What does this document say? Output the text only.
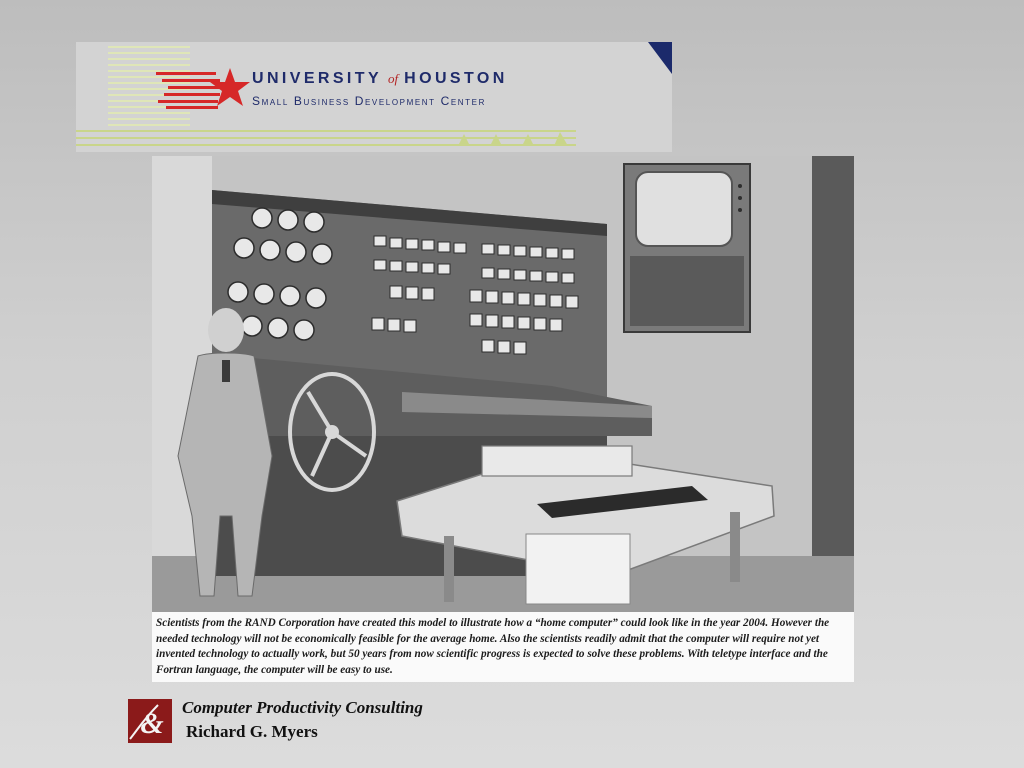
UNIVERSITY of HOUSTON
Small Business Development Center
Scientists from the RAND Corporation have created this model to illustrate how a “home computer” could look like in the year 2004. However the needed technology will not be economically feasible for the average home. Also the scientists readily admit that the computer will require not yet invented technology to actually work, but 50 years from now scientific progress is expected to solve these problems. With teletype interface and the Fortran language, the computer will be easy to use.
& Computer Productivity Consulting
Richard G. Myers
